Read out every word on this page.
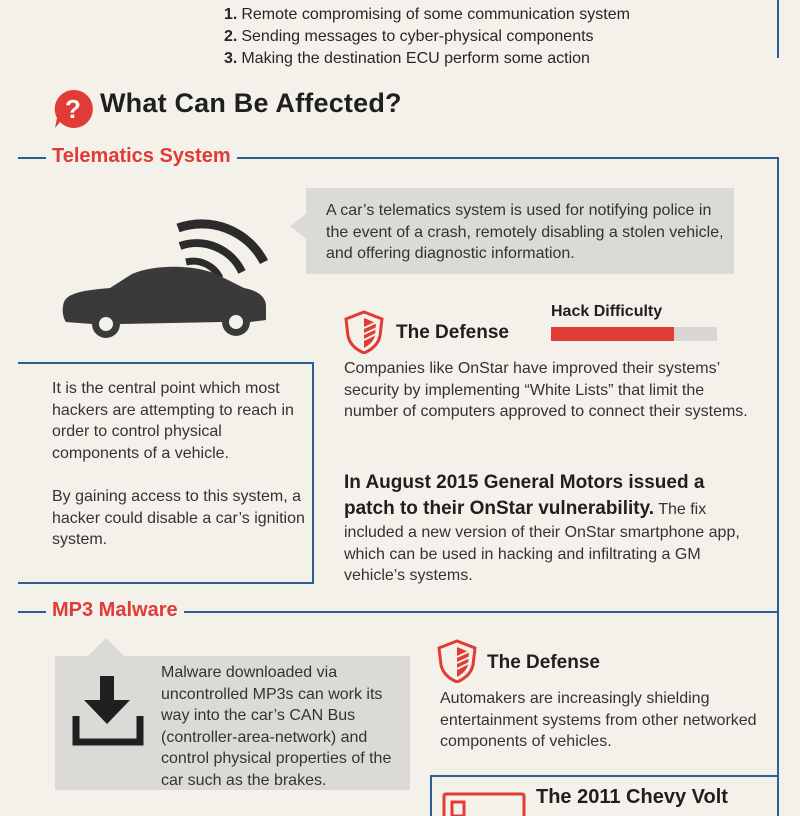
1. Remote compromising of some communication system
2. Sending messages to cyber-physical components
3. Making the destination ECU perform some action
? What Can Be Affected?
Telematics System
A car’s telematics system is used for notifying police in the event of a crash, remotely disabling a stolen vehicle, and offering diagnostic information.
The Defense
Hack Difficulty
Companies like OnStar have improved their systems’ security by implementing “White Lists” that limit the number of computers approved to connect their systems.
It is the central point which most hackers are attempting to reach in order to control physical components of a vehicle.
By gaining access to this system, a hacker could disable a car’s ignition system.
In August 2015 General Motors issued a patch to their OnStar vulnerability. The fix included a new version of their OnStar smartphone app, which can be used in hacking and infiltrating a GM vehicle’s systems.
MP3 Malware
Malware downloaded via uncontrolled MP3s can work its way into the car’s CAN Bus (controller-area-network) and control physical properties of the car such as the brakes.
The Defense
Automakers are increasingly shielding entertainment systems from other networked components of vehicles.
The 2011 Chevy Volt
